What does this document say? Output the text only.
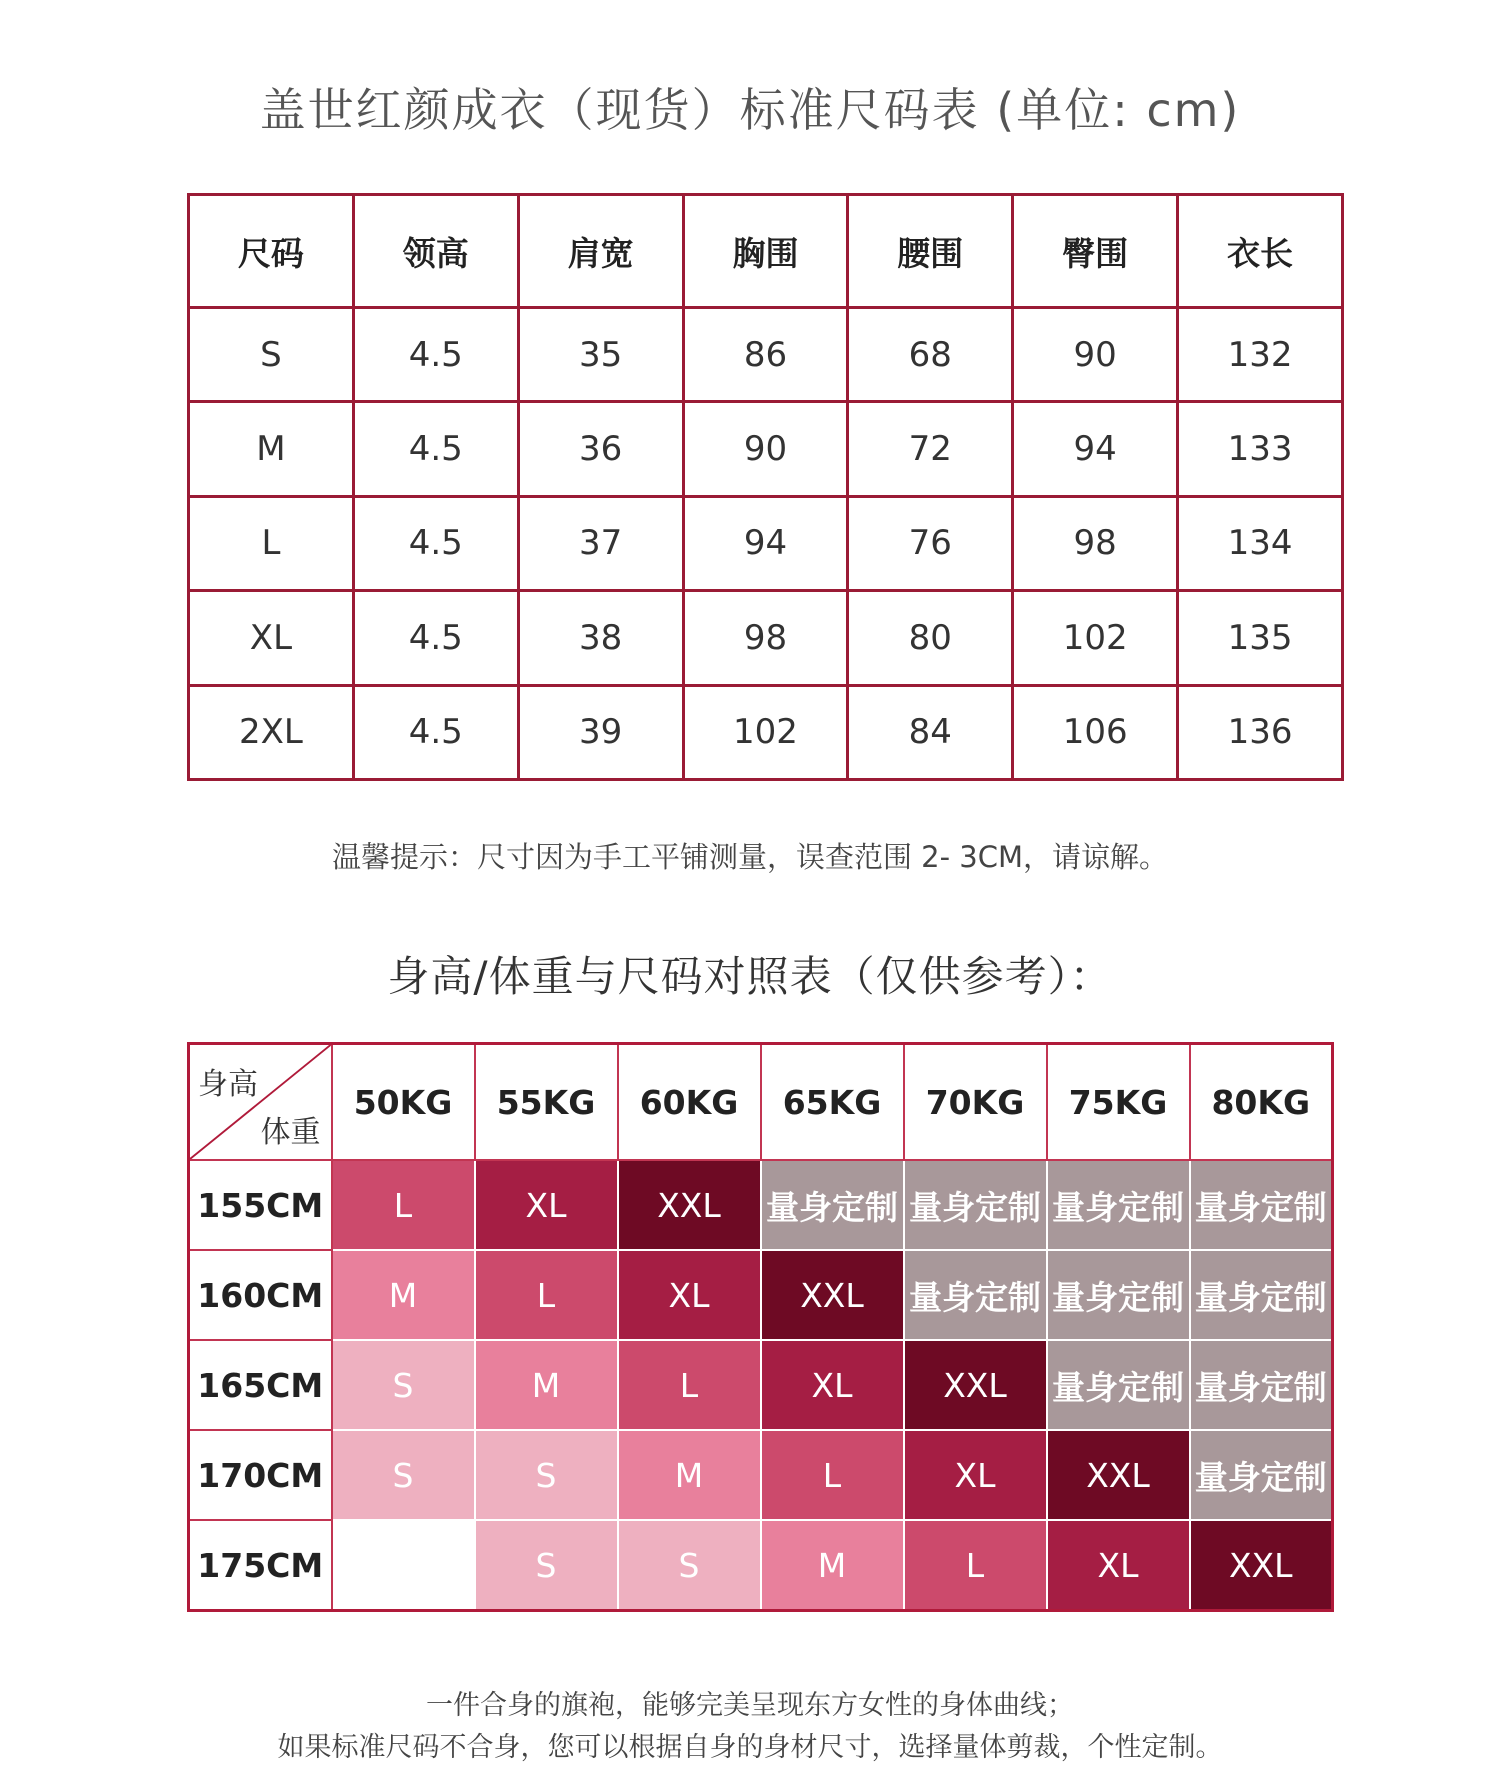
盖世红颜成衣（现货）标准尺码表 (单位: cm)
尺码	领高	肩宽	胸围	腰围	臀围	衣长
S	4.5	35	86	68	90	132
M	4.5	36	90	72	94	133
L	4.5	37	94	76	98	134
XL	4.5	38	98	80	102	135
2XL	4.5	39	102	84	106	136
温馨提示：尺寸因为手工平铺测量，误查范围 2- 3CM，请谅解。
身高/体重与尺码对照表（仅供参考）：
身高
体重	50KG	55KG	60KG	65KG	70KG	75KG	80KG
155CM	L	XL	XXL	量身定制	量身定制	量身定制	量身定制
160CM	M	L	XL	XXL	量身定制	量身定制	量身定制
165CM	S	M	L	XL	XXL	量身定制	量身定制
170CM	S	S	M	L	XL	XXL	量身定制
175CM		S	S	M	L	XL	XXL
一件合身的旗袍，能够完美呈现东方女性的身体曲线；
如果标准尺码不合身，您可以根据自身的身材尺寸，选择量体剪裁，个性定制。
